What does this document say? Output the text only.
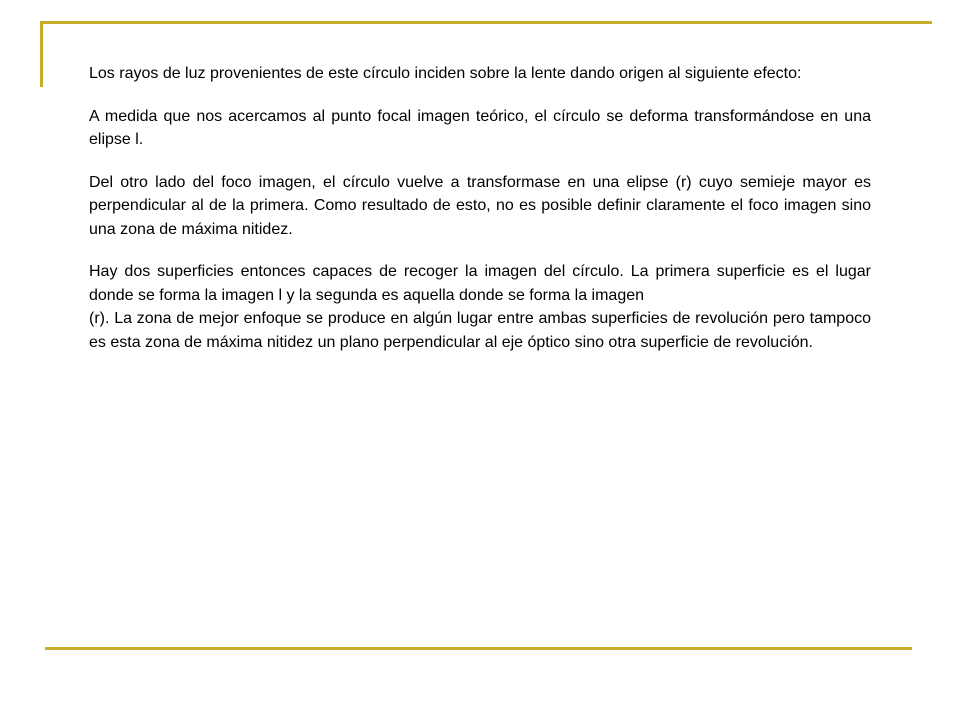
Los rayos de luz provenientes de este círculo inciden sobre la lente dando origen al siguiente efecto:

A medida que nos acercamos al punto focal imagen teórico, el círculo se deforma transformándose en una elipse l.

Del otro lado del foco imagen, el círculo vuelve a transformase en una elipse (r) cuyo semieje mayor es perpendicular al de la primera. Como resultado de esto, no es posible definir claramente el foco imagen sino una zona de máxima nitidez.

Hay dos superficies entonces capaces de recoger la imagen del círculo. La primera superficie es el lugar donde se forma la imagen l y la segunda es aquella donde se forma la imagen

(r). La zona de mejor enfoque se produce en algún lugar entre ambas superficies de revolución pero tampoco es esta zona de máxima nitidez un plano perpendicular al eje óptico sino otra superficie de revolución.
